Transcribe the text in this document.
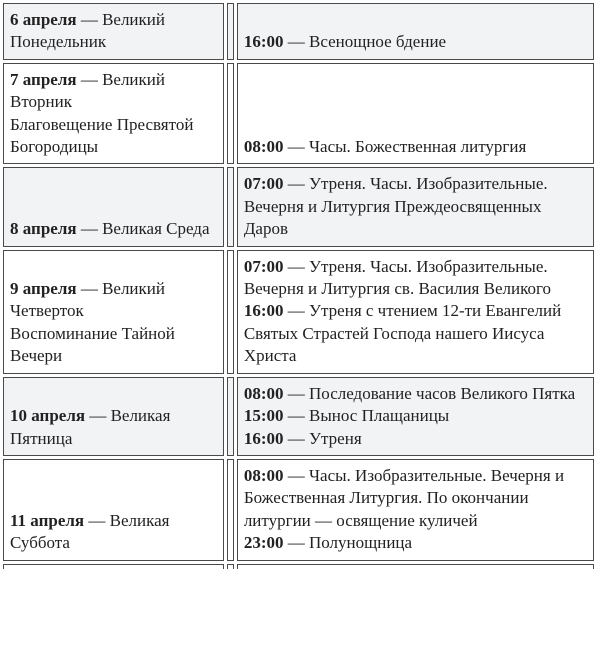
6 апреля — Великий Понедельник		16:00 — Всенощное бдение

7 апреля — Великий Вторник
Благовещение Пресвятой Богородицы		08:00 — Часы. Божественная литургия

8 апреля — Великая Среда		07:00 — Утреня. Часы. Изобразительные. Вечерня и Литургия Преждеосвященных Даров

9 апреля — Великий Четверток
Воспоминание Тайной Вечери		07:00 — Утреня. Часы. Изобразительные. Вечерня и Литургия св. Василия Великого
16:00 — Утреня с чтением 12-ти Евангелий Святых Страстей Господа нашего Иисуса Христа

10 апреля — Великая Пятница		08:00 — Последование часов Великого Пятка
15:00 — Вынос Плащаницы
16:00 — Утреня

11 апреля — Великая Суббота		08:00 — Часы. Изобразительные. Вечерня и Божественная Литургия. По окончании литургии — освящение куличей
23:00 — Полунощница
